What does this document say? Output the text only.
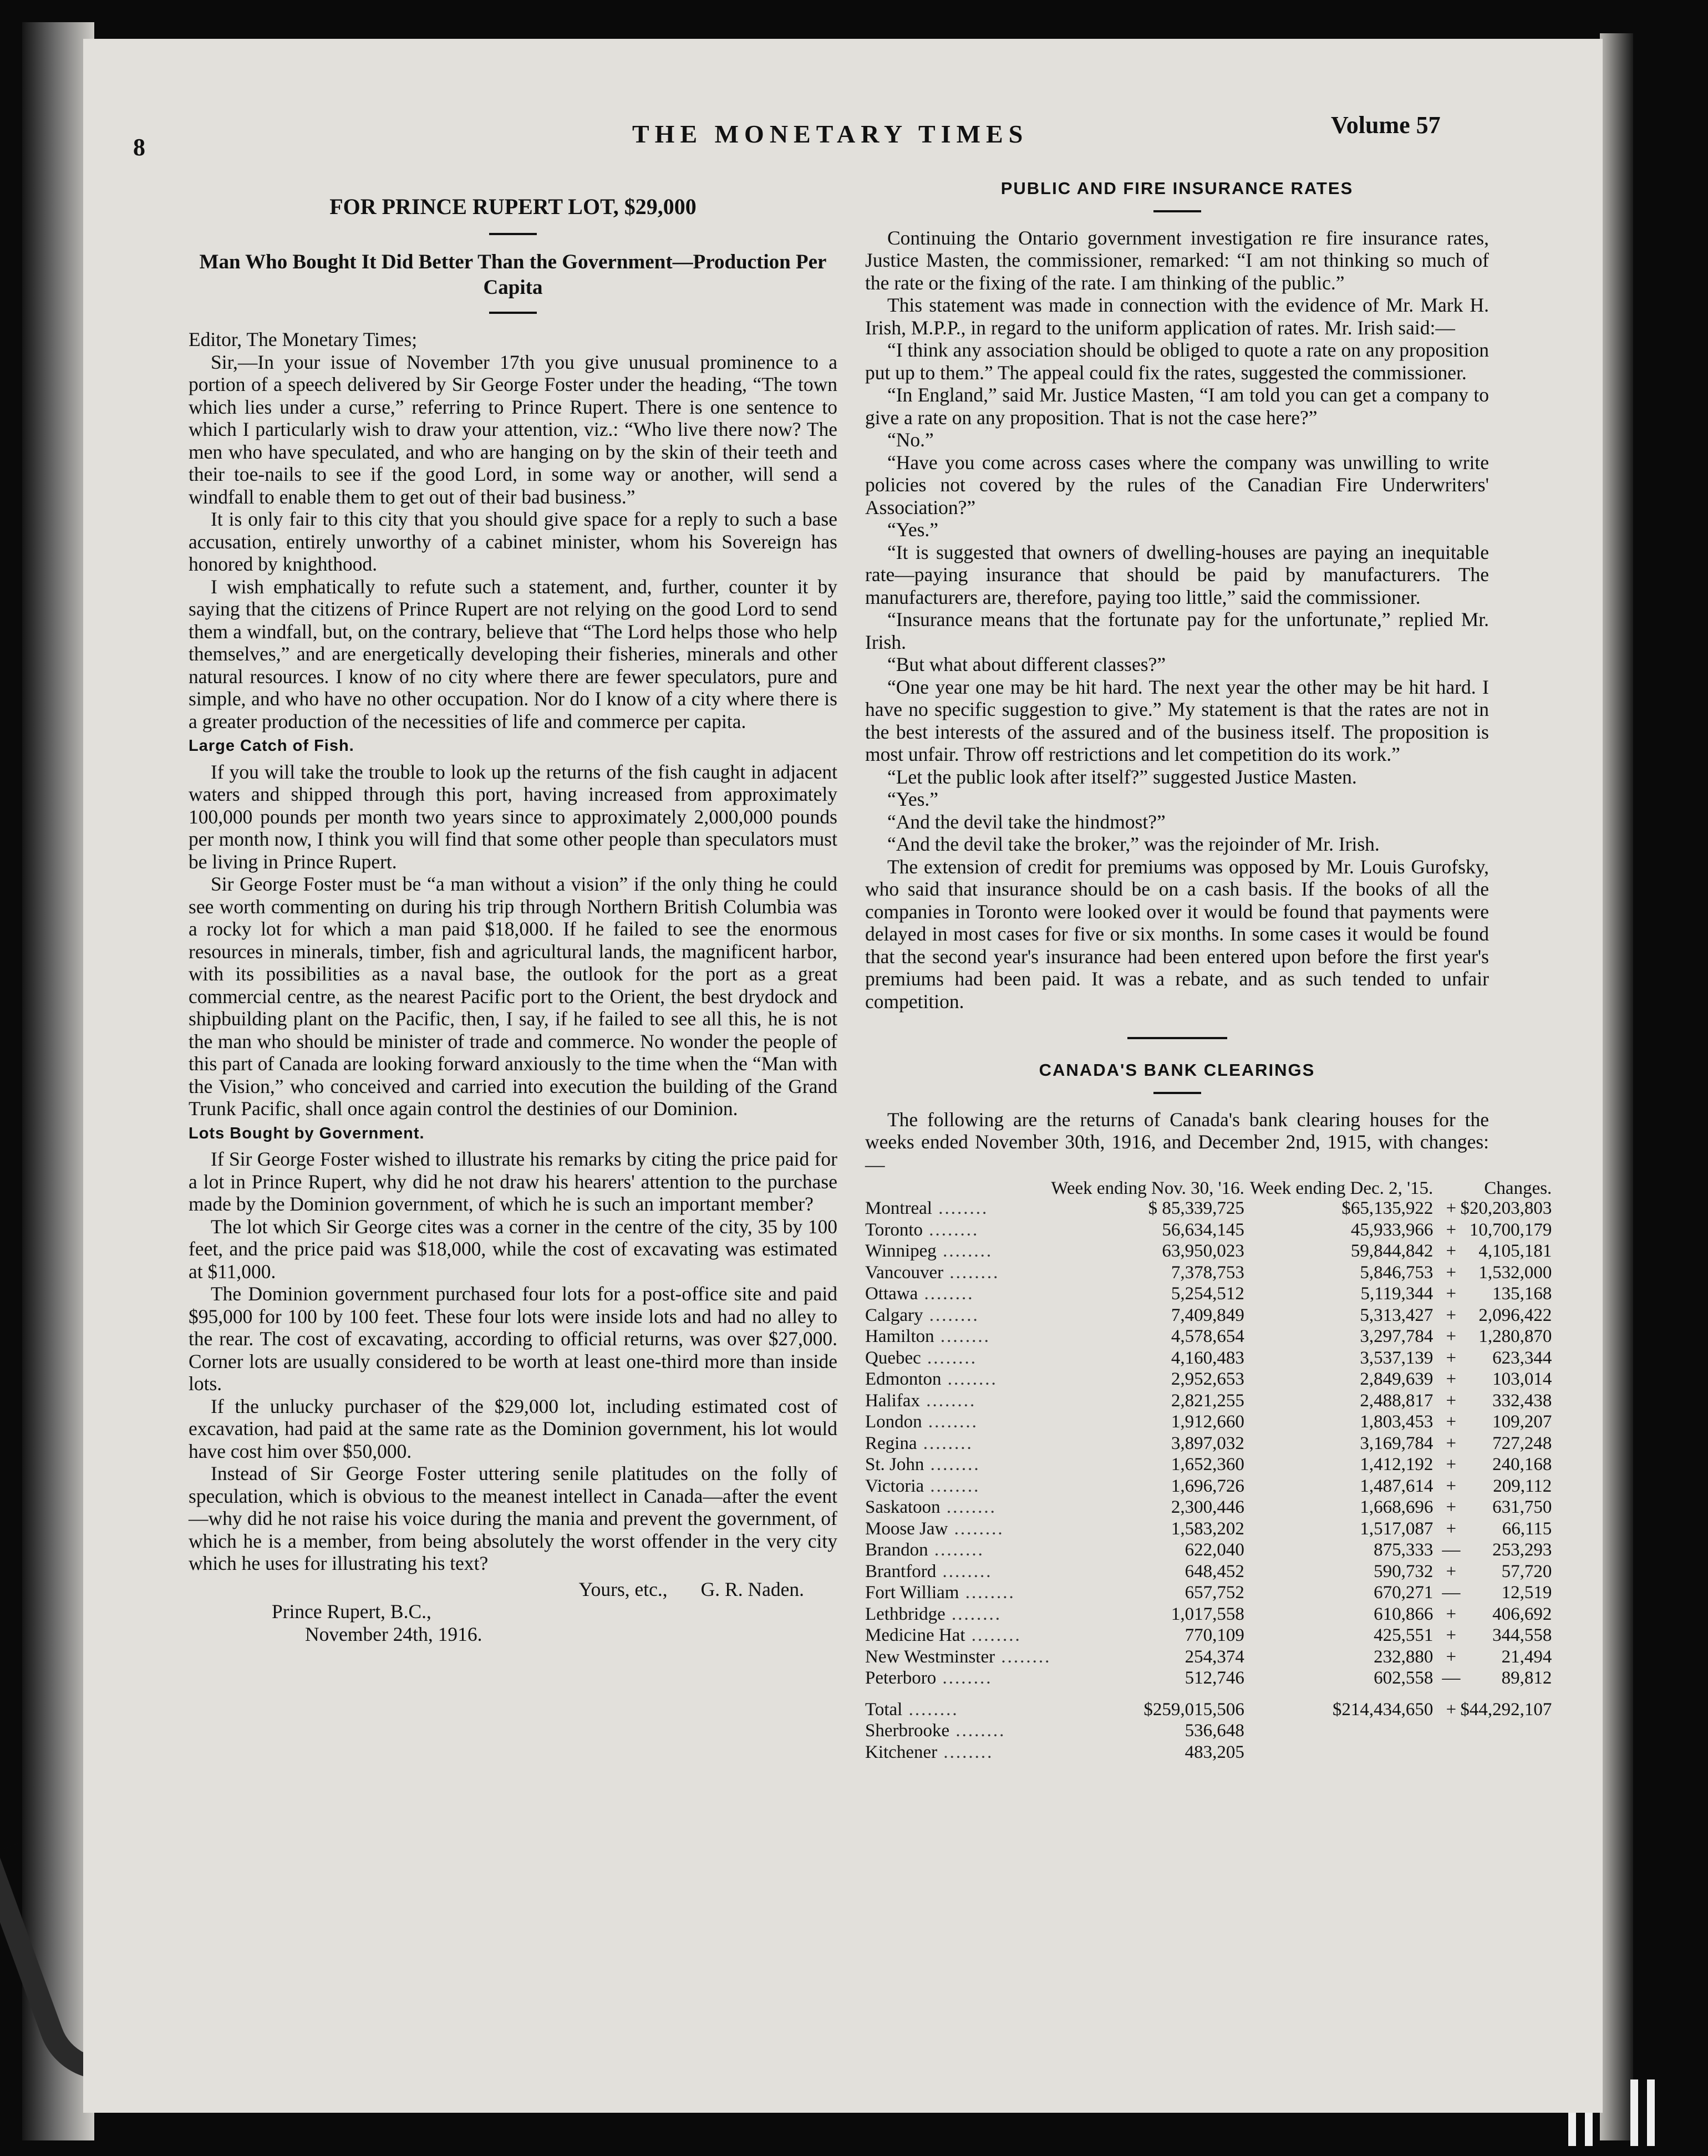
8	THE MONETARY TIMES	Volume 57
FOR PRINCE RUPERT LOT, $29,000
Man Who Bought It Did Better Than the Government—Production Per Capita

Editor, The Monetary Times;

Sir,—In your issue of November 17th you give unusual prominence to a portion of a speech delivered by Sir George Foster under the heading, “The town which lies under a curse,” referring to Prince Rupert. There is one sentence to which I particularly wish to draw your attention, viz.: “Who live there now? The men who have speculated, and who are hanging on by the skin of their teeth and their toe-nails to see if the good Lord, in some way or another, will send a windfall to enable them to get out of their bad business.”

It is only fair to this city that you should give space for a reply to such a base accusation, entirely unworthy of a cabinet minister, whom his Sovereign has honored by knighthood.

I wish emphatically to refute such a statement, and, further, counter it by saying that the citizens of Prince Rupert are not relying on the good Lord to send them a windfall, but, on the contrary, believe that “The Lord helps those who help themselves,” and are energetically developing their fisheries, minerals and other natural resources. I know of no city where there are fewer speculators, pure and simple, and who have no other occupation. Nor do I know of a city where there is a greater production of the necessities of life and commerce per capita.

Large Catch of Fish.

If you will take the trouble to look up the returns of the fish caught in adjacent waters and shipped through this port, having increased from approximately 100,000 pounds per month two years since to approximately 2,000,000 pounds per month now, I think you will find that some other people than speculators must be living in Prince Rupert.

Sir George Foster must be “a man without a vision” if the only thing he could see worth commenting on during his trip through Northern British Columbia was a rocky lot for which a man paid $18,000. If he failed to see the enormous resources in minerals, timber, fish and agricultural lands, the magnificent harbor, with its possibilities as a naval base, the outlook for the port as a great commercial centre, as the nearest Pacific port to the Orient, the best drydock and shipbuilding plant on the Pacific, then, I say, if he failed to see all this, he is not the man who should be minister of trade and commerce. No wonder the people of this part of Canada are looking forward anxiously to the time when the “Man with the Vision,” who conceived and carried into execution the building of the Grand Trunk Pacific, shall once again control the destinies of our Dominion.

Lots Bought by Government.

If Sir George Foster wished to illustrate his remarks by citing the price paid for a lot in Prince Rupert, why did he not draw his hearers' attention to the purchase made by the Dominion government, of which he is such an important member?

The lot which Sir George cites was a corner in the centre of the city, 35 by 100 feet, and the price paid was $18,000, while the cost of excavating was estimated at $11,000.

The Dominion government purchased four lots for a post-office site and paid $95,000 for 100 by 100 feet. These four lots were inside lots and had no alley to the rear. The cost of excavating, according to official returns, was over $27,000. Corner lots are usually considered to be worth at least one-third more than inside lots.

If the unlucky purchaser of the $29,000 lot, including estimated cost of excavation, had paid at the same rate as the Dominion government, his lot would have cost him over $50,000.

Instead of Sir George Foster uttering senile platitudes on the folly of speculation, which is obvious to the meanest intellect in Canada—after the event—why did he not raise his voice during the mania and prevent the government, of which he is a member, from being absolutely the worst offender in the very city which he uses for illustrating his text?

Yours, etc., G. R. Naden.
Prince Rupert, B.C.,
November 24th, 1916.
PUBLIC AND FIRE INSURANCE RATES

Continuing the Ontario government investigation re fire insurance rates, Justice Masten, the commissioner, remarked: “I am not thinking so much of the rate or the fixing of the rate. I am thinking of the public.”

This statement was made in connection with the evidence of Mr. Mark H. Irish, M.P.P., in regard to the uniform application of rates. Mr. Irish said:—

“I think any association should be obliged to quote a rate on any proposition put up to them.” The appeal could fix the rates, suggested the commissioner.

“In England,” said Mr. Justice Masten, “I am told you can get a company to give a rate on any proposition. That is not the case here?”

“No.”

“Have you come across cases where the company was unwilling to write policies not covered by the rules of the Canadian Fire Underwriters' Association?”

“Yes.”

“It is suggested that owners of dwelling-houses are paying an inequitable rate—paying insurance that should be paid by manufacturers. The manufacturers are, therefore, paying too little,” said the commissioner.

“Insurance means that the fortunate pay for the unfortunate,” replied Mr. Irish.

“But what about different classes?”

“One year one may be hit hard. The next year the other may be hit hard. I have no specific suggestion to give.” My statement is that the rates are not in the best interests of the assured and of the business itself. The proposition is most unfair. Throw off restrictions and let competition do its work.”

“Let the public look after itself?” suggested Justice Masten.

“Yes.”

“And the devil take the hindmost?”

“And the devil take the broker,” was the rejoinder of Mr. Irish.

The extension of credit for premiums was opposed by Mr. Louis Gurofsky, who said that insurance should be on a cash basis. If the books of all the companies in Toronto were looked over it would be found that payments were delayed in most cases for five or six months. In some cases it would be found that the second year's insurance had been entered upon before the first year's premiums had been paid. It was a rebate, and as such tended to unfair competition.

CANADA'S BANK CLEARINGS

The following are the returns of Canada's bank clearing houses for the weeks ended November 30th, 1916, and December 2nd, 1915, with changes:—

	Week ending Nov. 30, '16.	Week ending Dec. 2, '15.		Changes.
Montreal ........	$ 85,339,725	$65,135,922	+	$20,203,803
Toronto ........	56,634,145	45,933,966	+	10,700,179
Winnipeg ........	63,950,023	59,844,842	+	4,105,181
Vancouver ........	7,378,753	5,846,753	+	1,532,000
Ottawa ........	5,254,512	5,119,344	+	135,168
Calgary ........	7,409,849	5,313,427	+	2,096,422
Hamilton ........	4,578,654	3,297,784	+	1,280,870
Quebec ........	4,160,483	3,537,139	+	623,344
Edmonton ........	2,952,653	2,849,639	+	103,014
Halifax ........	2,821,255	2,488,817	+	332,438
London ........	1,912,660	1,803,453	+	109,207
Regina ........	3,897,032	3,169,784	+	727,248
St. John ........	1,652,360	1,412,192	+	240,168
Victoria ........	1,696,726	1,487,614	+	209,112
Saskatoon ........	2,300,446	1,668,696	+	631,750
Moose Jaw ........	1,583,202	1,517,087	+	66,115
Brandon ........	622,040	875,333	—	253,293
Brantford ........	648,452	590,732	+	57,720
Fort William ........	657,752	670,271	—	12,519
Lethbridge ........	1,017,558	610,866	+	406,692
Medicine Hat ........	770,109	425,551	+	344,558
New Westminster ........	254,374	232,880	+	21,494
Peterboro ........	512,746	602,558	—	89,812
Total ........	$259,015,506	$214,434,650	+	$44,292,107
Sherbrooke ........	536,648			
Kitchener ........	483,205			
